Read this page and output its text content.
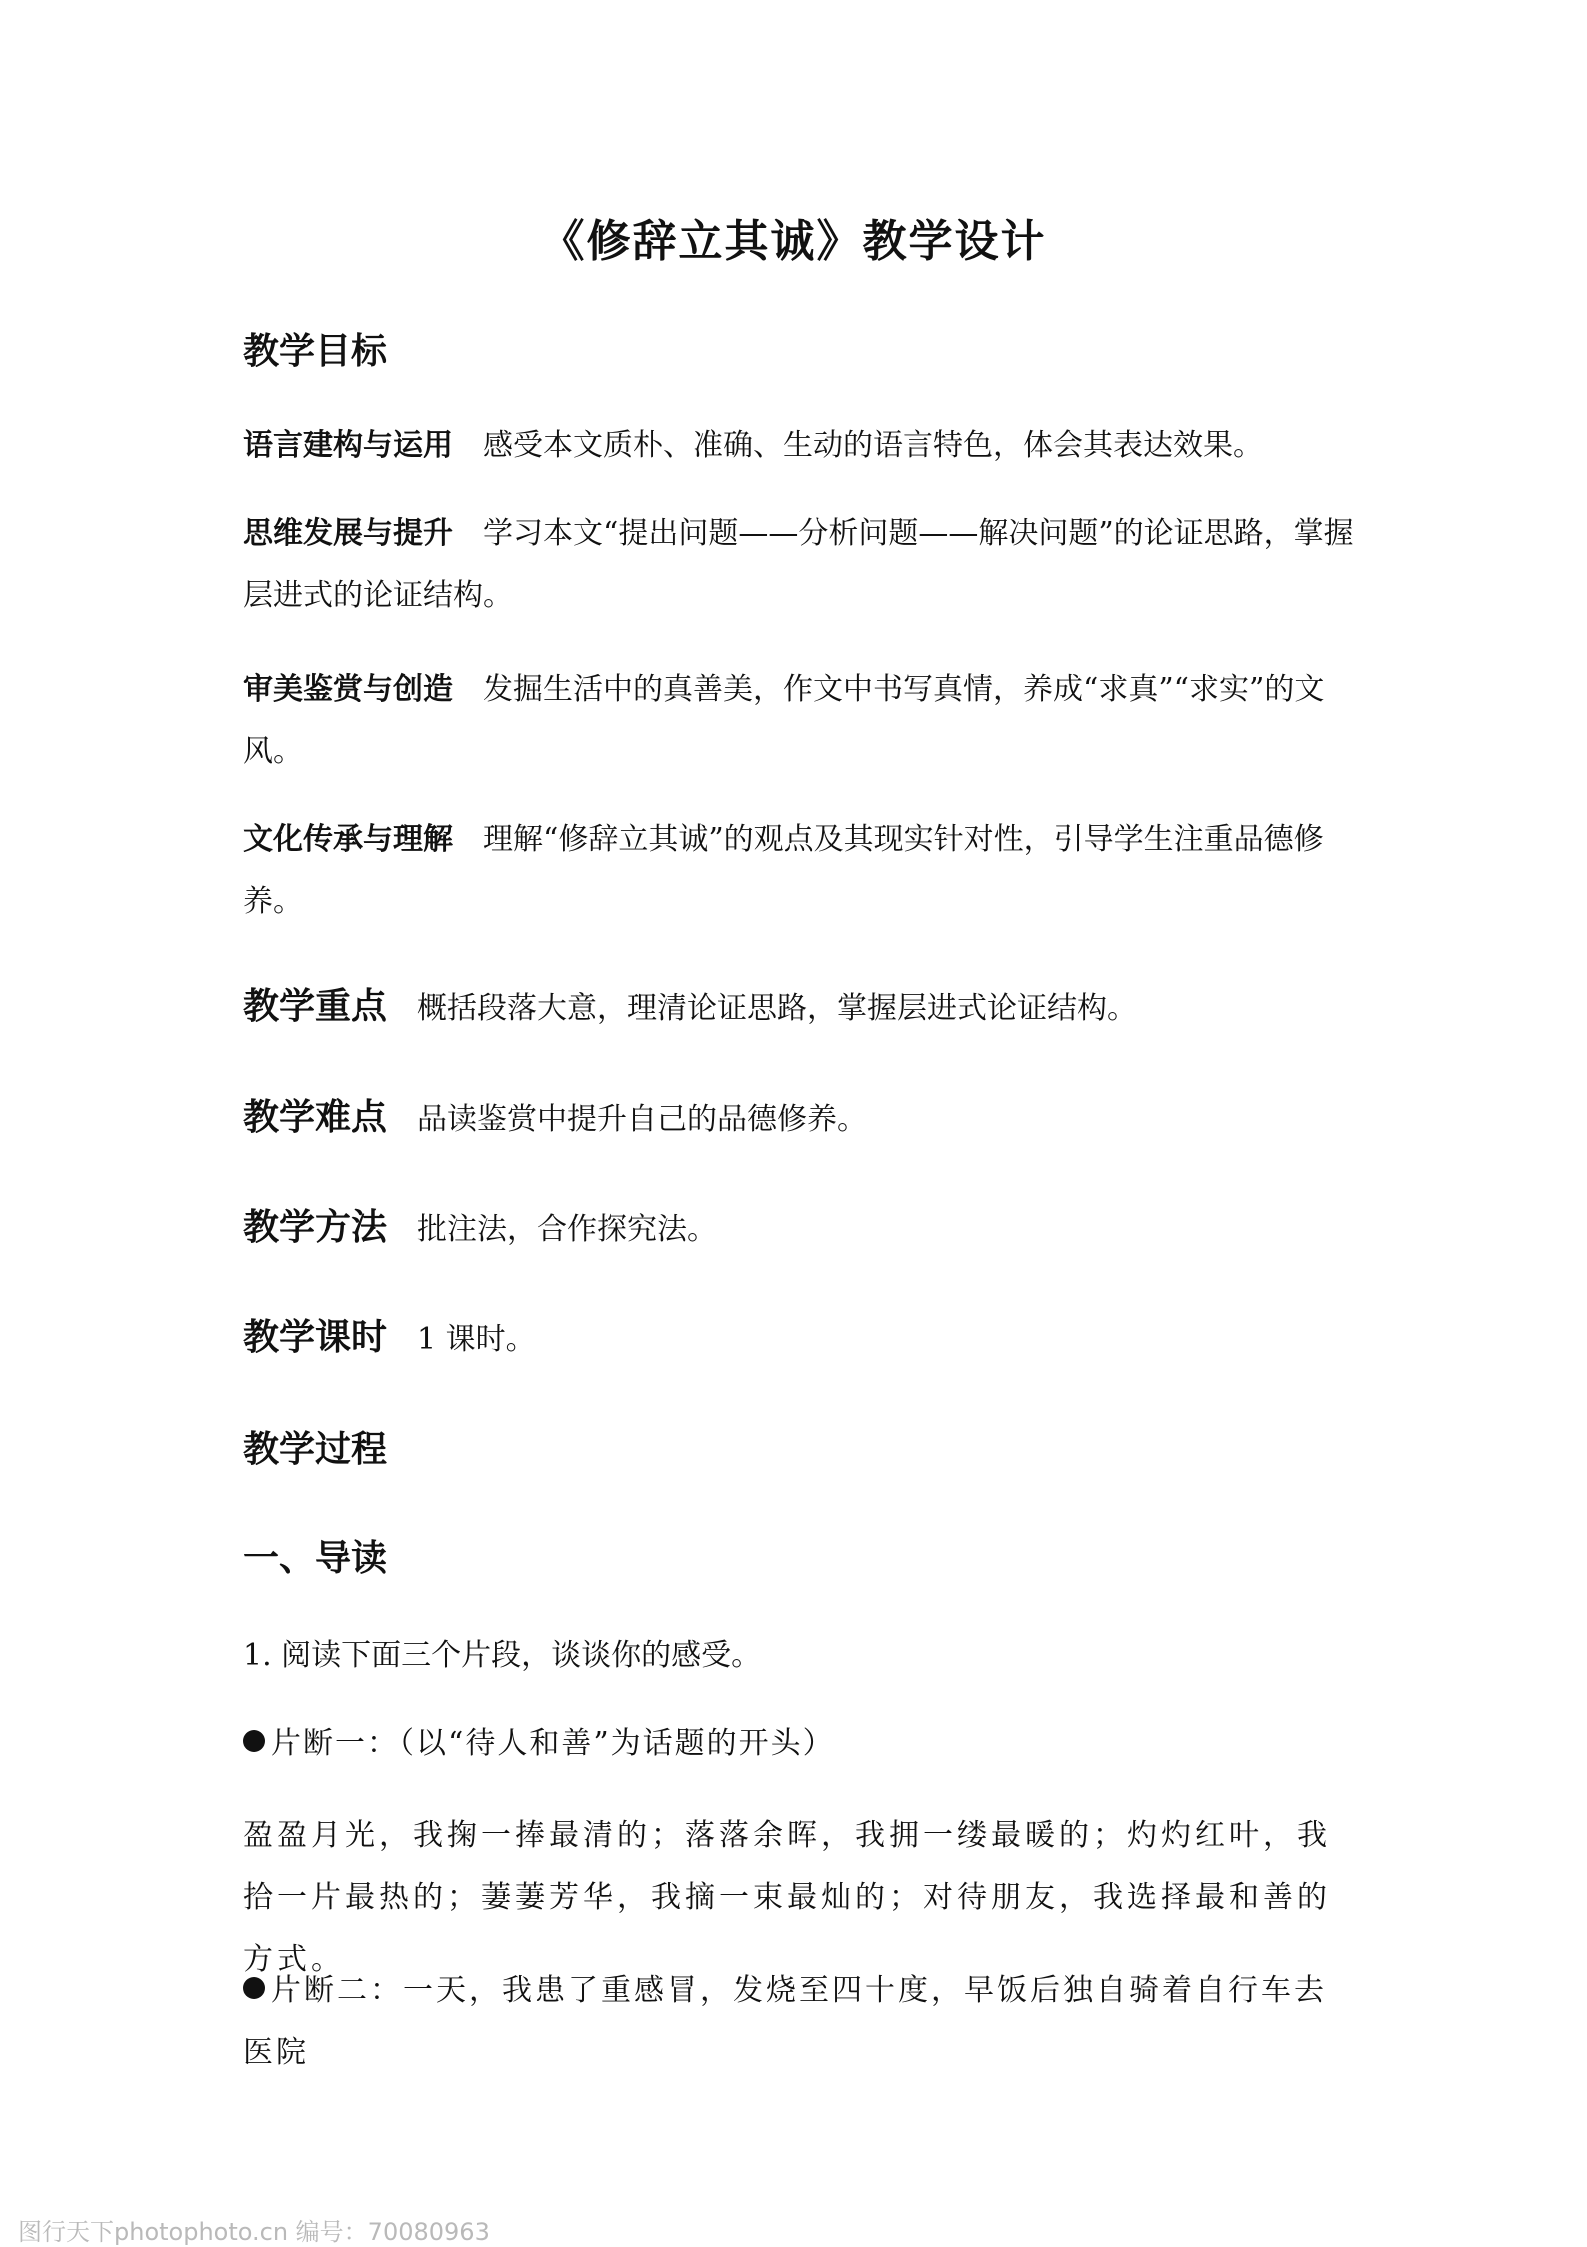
《修辞立其诚》教学设计
教学目标
语言建构与运用 感受本文质朴、准确、生动的语言特色，体会其表达效果。
思维发展与提升 学习本文“提出问题——分析问题——解决问题”的论证思路，掌握层进式的论证结构。
审美鉴赏与创造 发掘生活中的真善美，作文中书写真情，养成“求真”“求实”的文风。
文化传承与理解 理解“修辞立其诚”的观点及其现实针对性，引导学生注重品德修养。
教学重点 概括段落大意，理清论证思路，掌握层进式论证结构。
教学难点 品读鉴赏中提升自己的品德修养。
教学方法 批注法，合作探究法。
教学课时 1 课时。
教学过程
一、导读
1. 阅读下面三个片段，谈谈你的感受。
片断一：（以“待人和善”为话题的开头）
盈盈月光，我掬一捧最清的；落落余晖，我拥一缕最暖的；灼灼红叶，我拾一片最热的；萋萋芳华，我摘一束最灿的；对待朋友，我选择最和善的方式。
片断二：一天，我患了重感冒，发烧至四十度，早饭后独自骑着自行车去医院
图行天下photophoto.cn 编号：70080963
